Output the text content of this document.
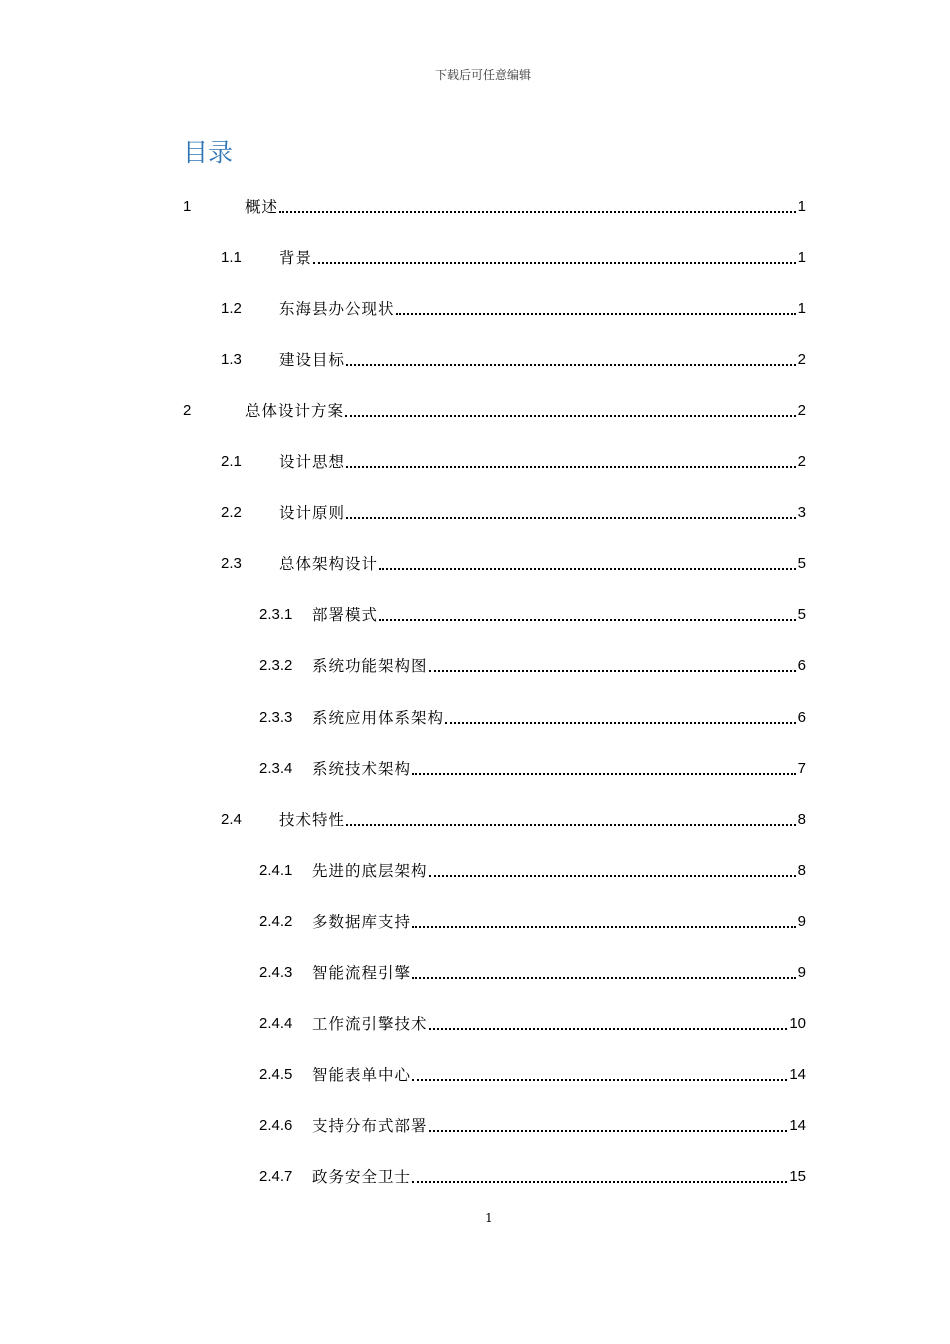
下载后可任意编辑
目录
1	概述	1
1.1	背景	1
1.2	东海县办公现状	1
1.3	建设目标	2
2	总体设计方案	2
2.1	设计思想	2
2.2	设计原则	3
2.3	总体架构设计	5
2.3.1	部署模式	5
2.3.2	系统功能架构图	6
2.3.3	系统应用体系架构	6
2.3.4	系统技术架构	7
2.4	技术特性	8
2.4.1	先进的底层架构	8
2.4.2	多数据库支持	9
2.4.3	智能流程引擎	9
2.4.4	工作流引擎技术	10
2.4.5	智能表单中心	14
2.4.6	支持分布式部署	14
2.4.7	政务安全卫士	15
1
